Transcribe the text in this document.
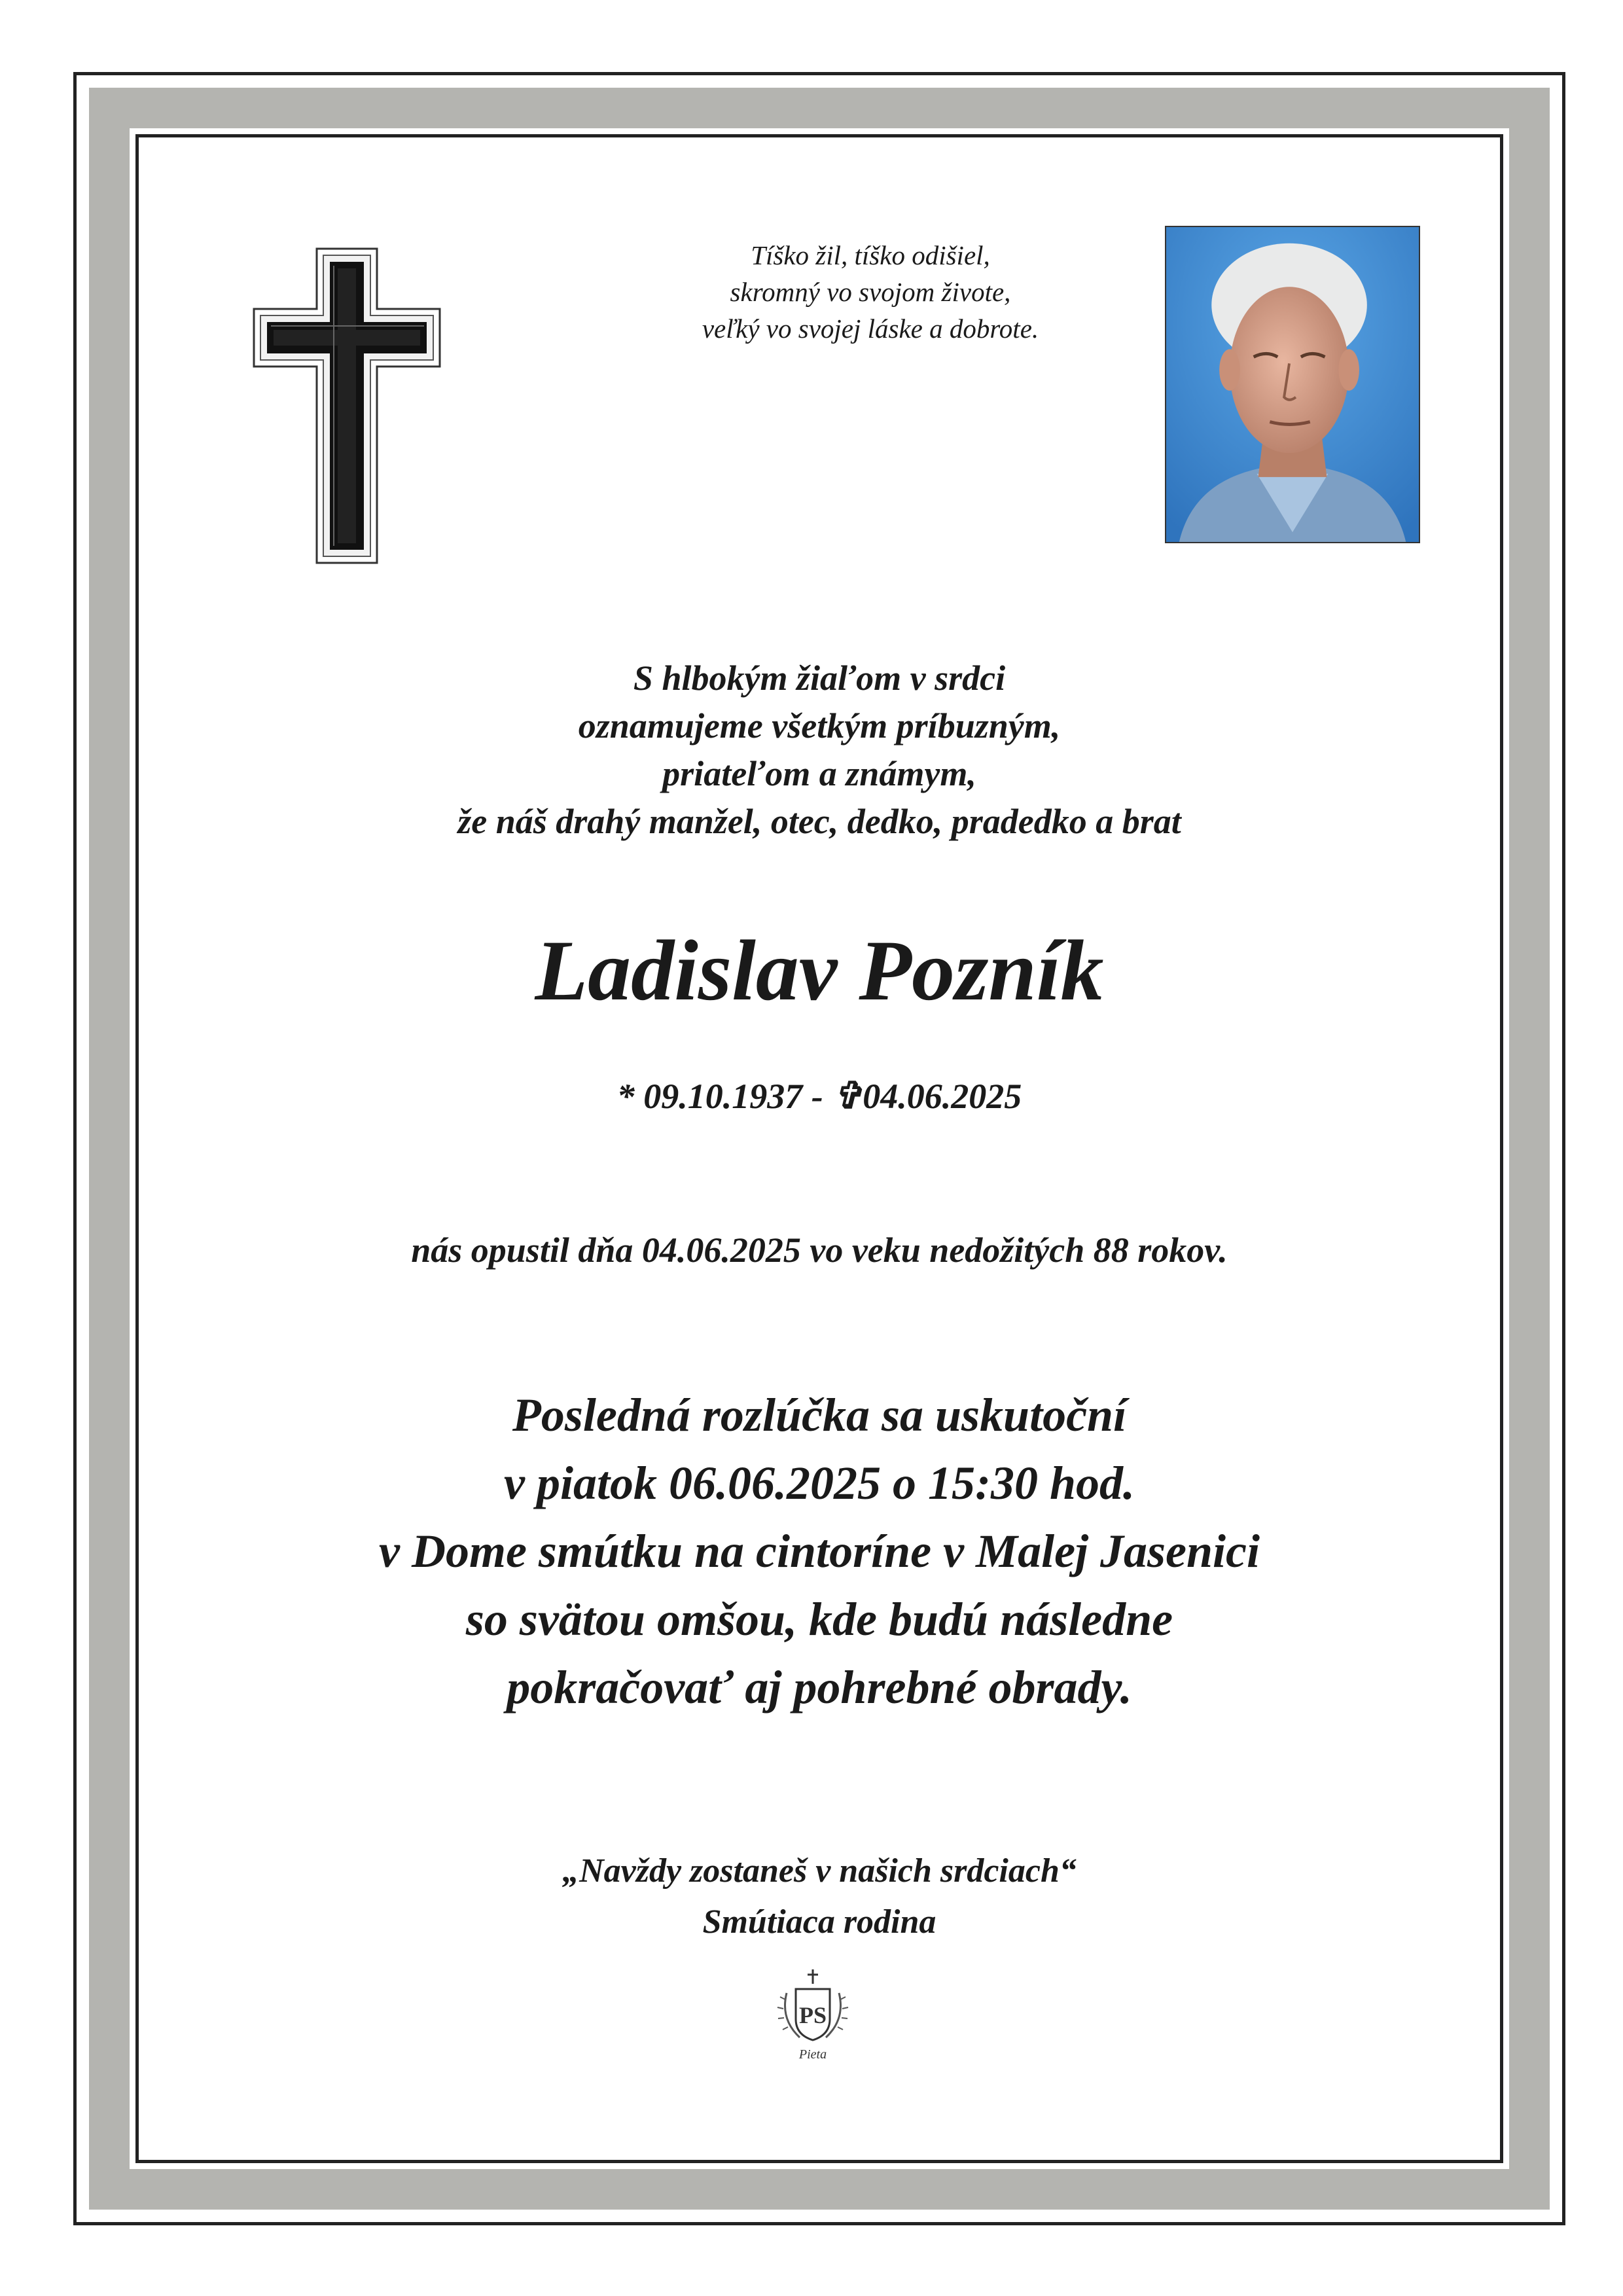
Tíško žil, tíško odišiel,
skromný vo svojom živote,
veľký vo svojej láske a dobrote.
S hlbokým žiaľom v srdci
oznamujeme všetkým príbuzným,
priateľom a známym,
že náš drahý manžel, otec, dedko, pradedko a brat
Ladislav Pozník
* 09.10.1937 - ✞04.06.2025
nás opustil dňa 04.06.2025 vo veku nedožitých 88 rokov.
Posledná rozlúčka sa uskutoční
v piatok 06.06.2025 o 15:30 hod.
v Dome smútku na cintoríne v Malej Jasenici
so svätou omšou, kde budú následne
pokračovať aj pohrebné obrady.
„Navždy zostaneš v našich srdciach“
Smútiaca rodina
PS
Pieta
